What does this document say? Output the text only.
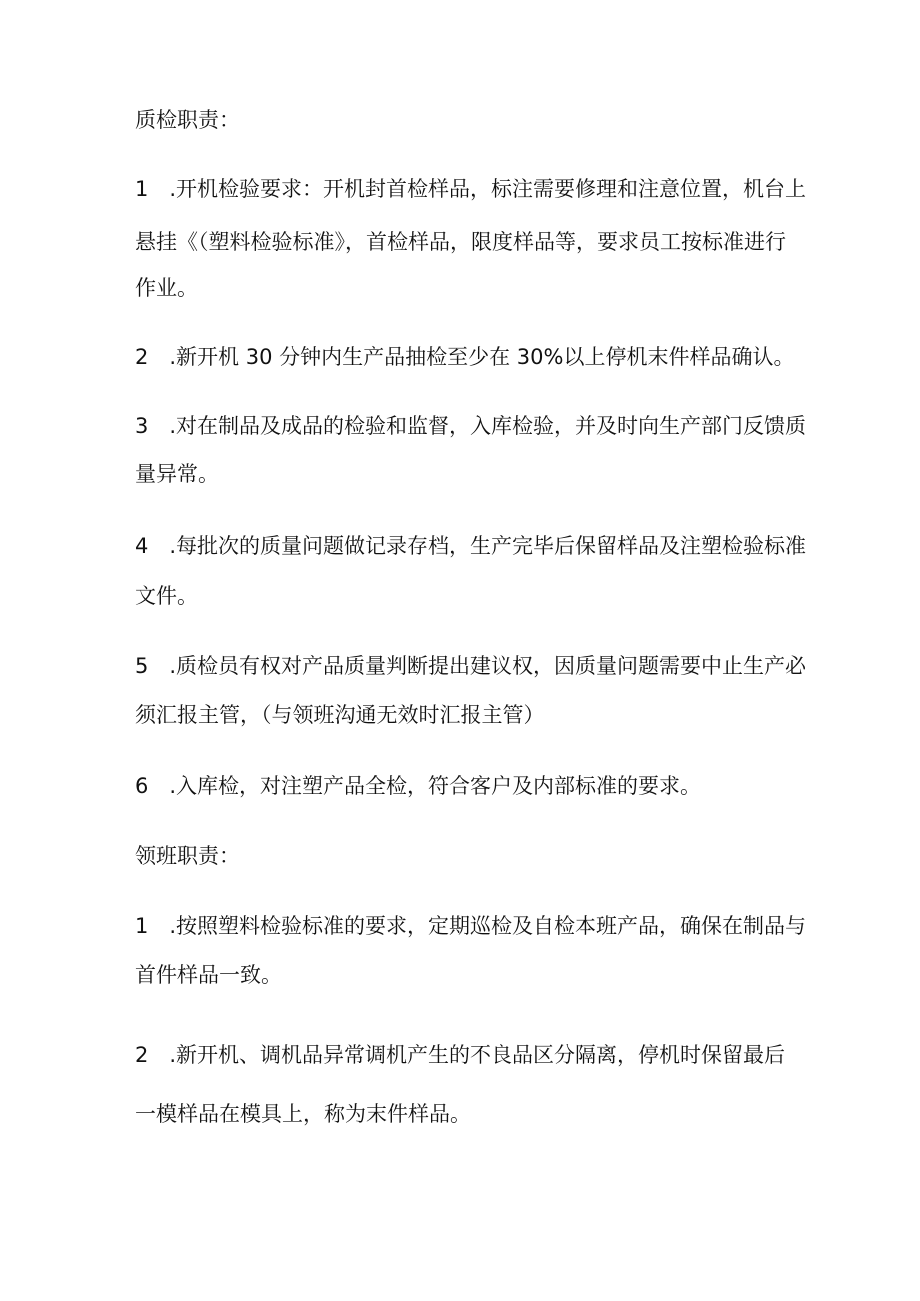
质检职责：
1　.开机检验要求：开机封首检样品，标注需要修理和注意位置，机台上
悬挂《（塑料检验标准》，首检样品，限度样品等，要求员工按标准进行
作业。
2　.新开机 30 分钟内生产品抽检至少在 30%以上停机末件样品确认。
3　.对在制品及成品的检验和监督，入库检验，并及时向生产部门反馈质
量异常。
4　.每批次的质量问题做记录存档，生产完毕后保留样品及注塑检验标准
文件。
5　.质检员有权对产品质量判断提出建议权，因质量问题需要中止生产必
须汇报主管，（与领班沟通无效时汇报主管）
6　.入库检，对注塑产品全检，符合客户及内部标准的要求。
领班职责：
1　.按照塑料检验标准的要求，定期巡检及自检本班产品，确保在制品与
首件样品一致。
2　.新开机、调机品异常调机产生的不良品区分隔离，停机时保留最后
一模样品在模具上，称为末件样品。
